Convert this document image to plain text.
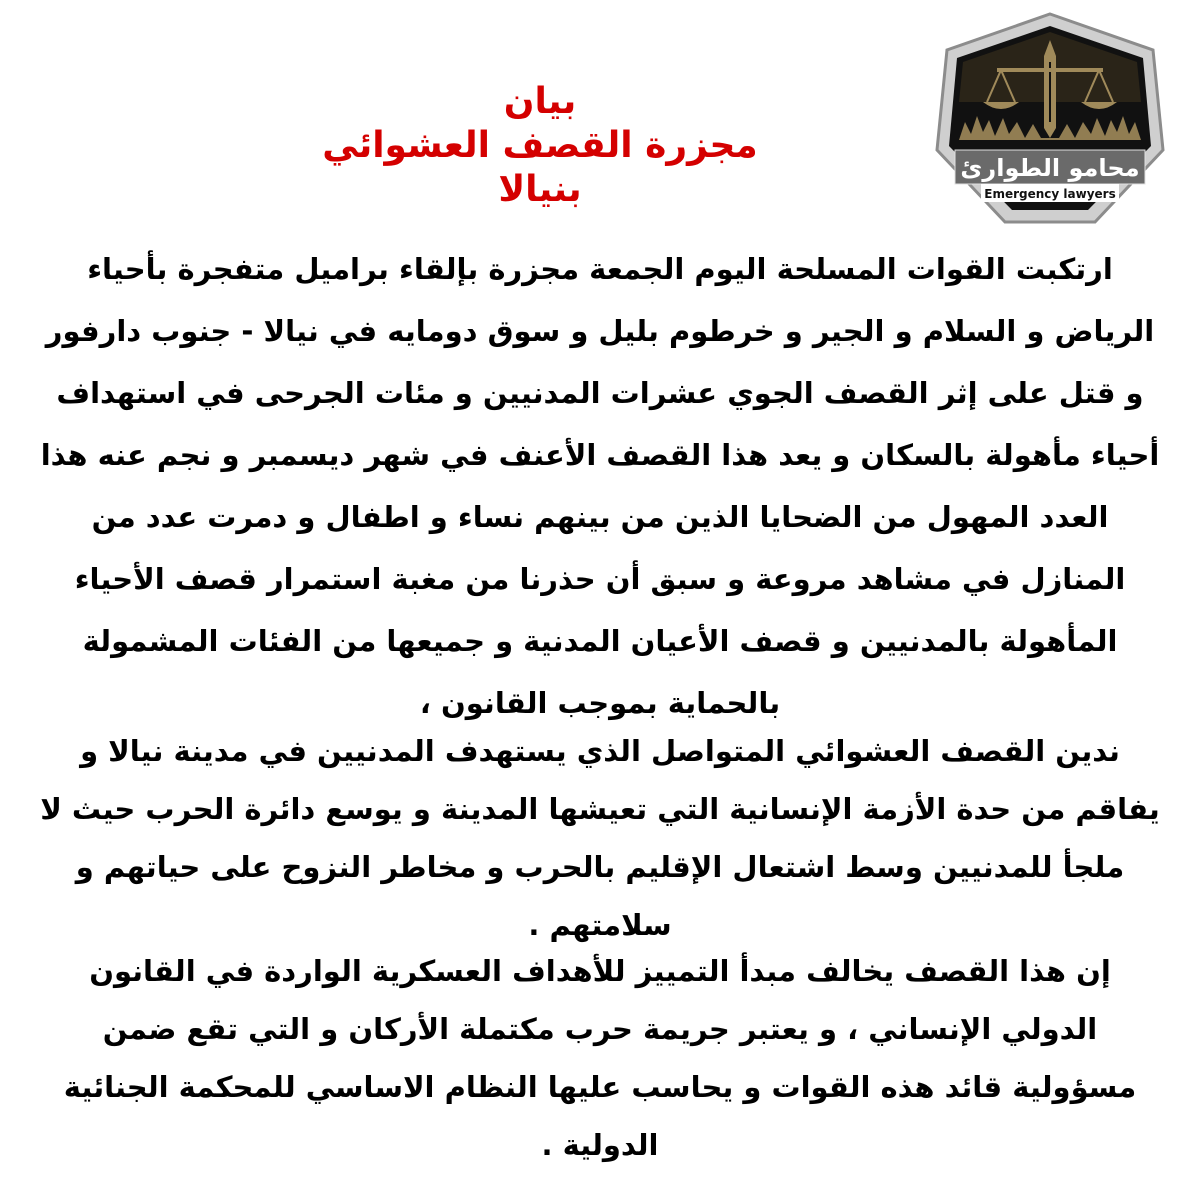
بيان
مجزرة القصف العشوائي بنيالا
محامو الطوارئ
Emergency lawyers

ارتكبت القوات المسلحة اليوم الجمعة مجزرة بإلقاء براميل متفجرة بأحياء الرياض و السلام و الجير و خرطوم بليل و سوق دومايه في نيالا - جنوب دارفور و قتل على إثر القصف الجوي عشرات المدنيين و مئات الجرحى في استهداف أحياء مأهولة بالسكان و يعد هذا القصف الأعنف في شهر ديسمبر و نجم عنه هذا العدد المهول من الضحايا الذين من بينهم نساء و اطفال و دمرت عدد من المنازل في مشاهد مروعة و سبق أن حذرنا من مغبة استمرار قصف الأحياء المأهولة بالمدنيين و قصف الأعيان المدنية و جميعها من الفئات المشمولة بالحماية بموجب القانون ،

ندين القصف العشوائي المتواصل الذي يستهدف المدنيين في مدينة نيالا و يفاقم من حدة الأزمة الإنسانية التي تعيشها المدينة و يوسع دائرة الحرب حيث لا ملجأ للمدنيين وسط اشتعال الإقليم بالحرب و مخاطر النزوح على حياتهم و سلامتهم .

إن هذا القصف يخالف مبدأ التمييز للأهداف العسكرية الواردة في القانون الدولي الإنساني ، و يعتبر جريمة حرب مكتملة الأركان و التي تقع ضمن مسؤولية قائد هذه القوات و يحاسب عليها النظام الاساسي للمحكمة الجنائية الدولية .
